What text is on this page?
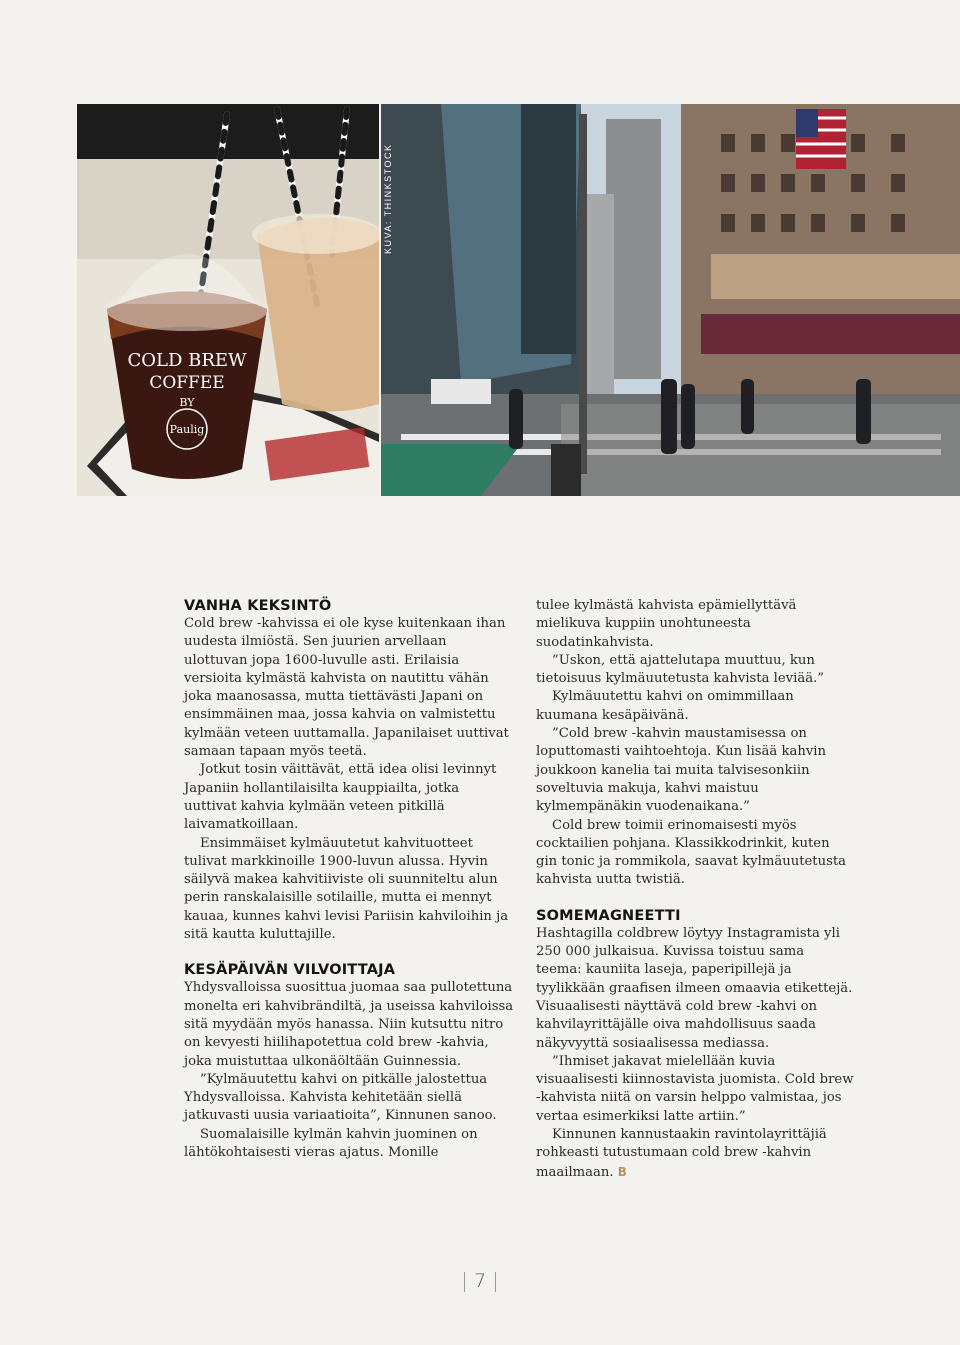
COLD BREW
COFFEE
BY
Paulig
KUVA: THINKSTOCK
VANHA KEKSINTÖ

Cold brew -kahvissa ei ole kyse kuitenkaan ihan uudesta ilmiöstä. Sen juurien arvellaan ulottuvan jopa 1600-luvulle asti. Erilaisia versioita kylmästä kahvista on nautittu vähän joka maanosassa, mutta tiettävästi Japani on ensimmäinen maa, jossa kahvia on valmistettu kylmään veteen uuttamalla. Japanilaiset uuttivat samaan tapaan myös teetä.

Jotkut tosin väittävät, että idea olisi levinnyt Japaniin hollantilaisilta kauppiailta, jotka uuttivat kahvia kylmään veteen pitkillä laivamatkoillaan.

Ensimmäiset kylmäuutetut kahvituotteet tulivat markkinoille 1900-luvun alussa. Hyvin säilyvä makea kahvitiiviste oli suunniteltu alun perin ranskalaisille sotilaille, mutta ei mennyt kauaa, kunnes kahvi levisi Pariisin kahviloihin ja sitä kautta kuluttajille.

KESÄPÄIVÄN VILVOITTAJA

Yhdysvalloissa suosittua juomaa saa pullotettuna monelta eri kahvibrändiltä, ja useissa kahviloissa sitä myydään myös hanassa. Niin kutsuttu nitro on kevyesti hiilihapotettua cold brew -kahvia, joka muistuttaa ulkonäöltään Guinnessia.

”Kylmäuutettu kahvi on pitkälle jalostettua Yhdysvalloissa. Kahvista kehitetään siellä jatkuvasti uusia variaatioita”, Kinnunen sanoo.

Suomalaisille kylmän kahvin juominen on lähtökohtaisesti vieras ajatus. Monille

tulee kylmästä kahvista epämiellyttävä mielikuva kuppiin unohtuneesta suodatinkahvista.

”Uskon, että ajattelutapa muuttuu, kun tietoisuus kylmäuutetusta kahvista leviää.”

Kylmäuutettu kahvi on omimmillaan kuumana kesäpäivänä.

”Cold brew -kahvin maustamisessa on loputtomasti vaihtoehtoja. Kun lisää kahvin joukkoon kanelia tai muita talvisesonkiin soveltuvia makuja, kahvi maistuu kylmempänäkin vuodenaikana.”

Cold brew toimii erinomaisesti myös cocktailien pohjana. Klassikkodrinkit, kuten gin tonic ja rommikola, saavat kylmäuutetusta kahvista uutta twistiä.

SOMEMAGNEETTI

Hashtagilla coldbrew löytyy Instagramista yli 250 000 julkaisua. Kuvissa toistuu sama teema: kauniita laseja, paperipillejä ja tyylikkään graafisen ilmeen omaavia etikettejä. Visuaalisesti näyttävä cold brew -kahvi on kahvilayrittäjälle oiva mahdollisuus saada näkyvyyttä sosiaalisessa mediassa.

”Ihmiset jakavat mielellään kuvia visuaalisesti kiinnostavista juomista. Cold brew -kahvista niitä on varsin helppo valmistaa, jos vertaa esimerkiksi latte artiin.”

Kinnunen kannustaakin ravintolayrittäjiä rohkeasti tutustumaan cold brew -kahvin maailmaan. B

7
